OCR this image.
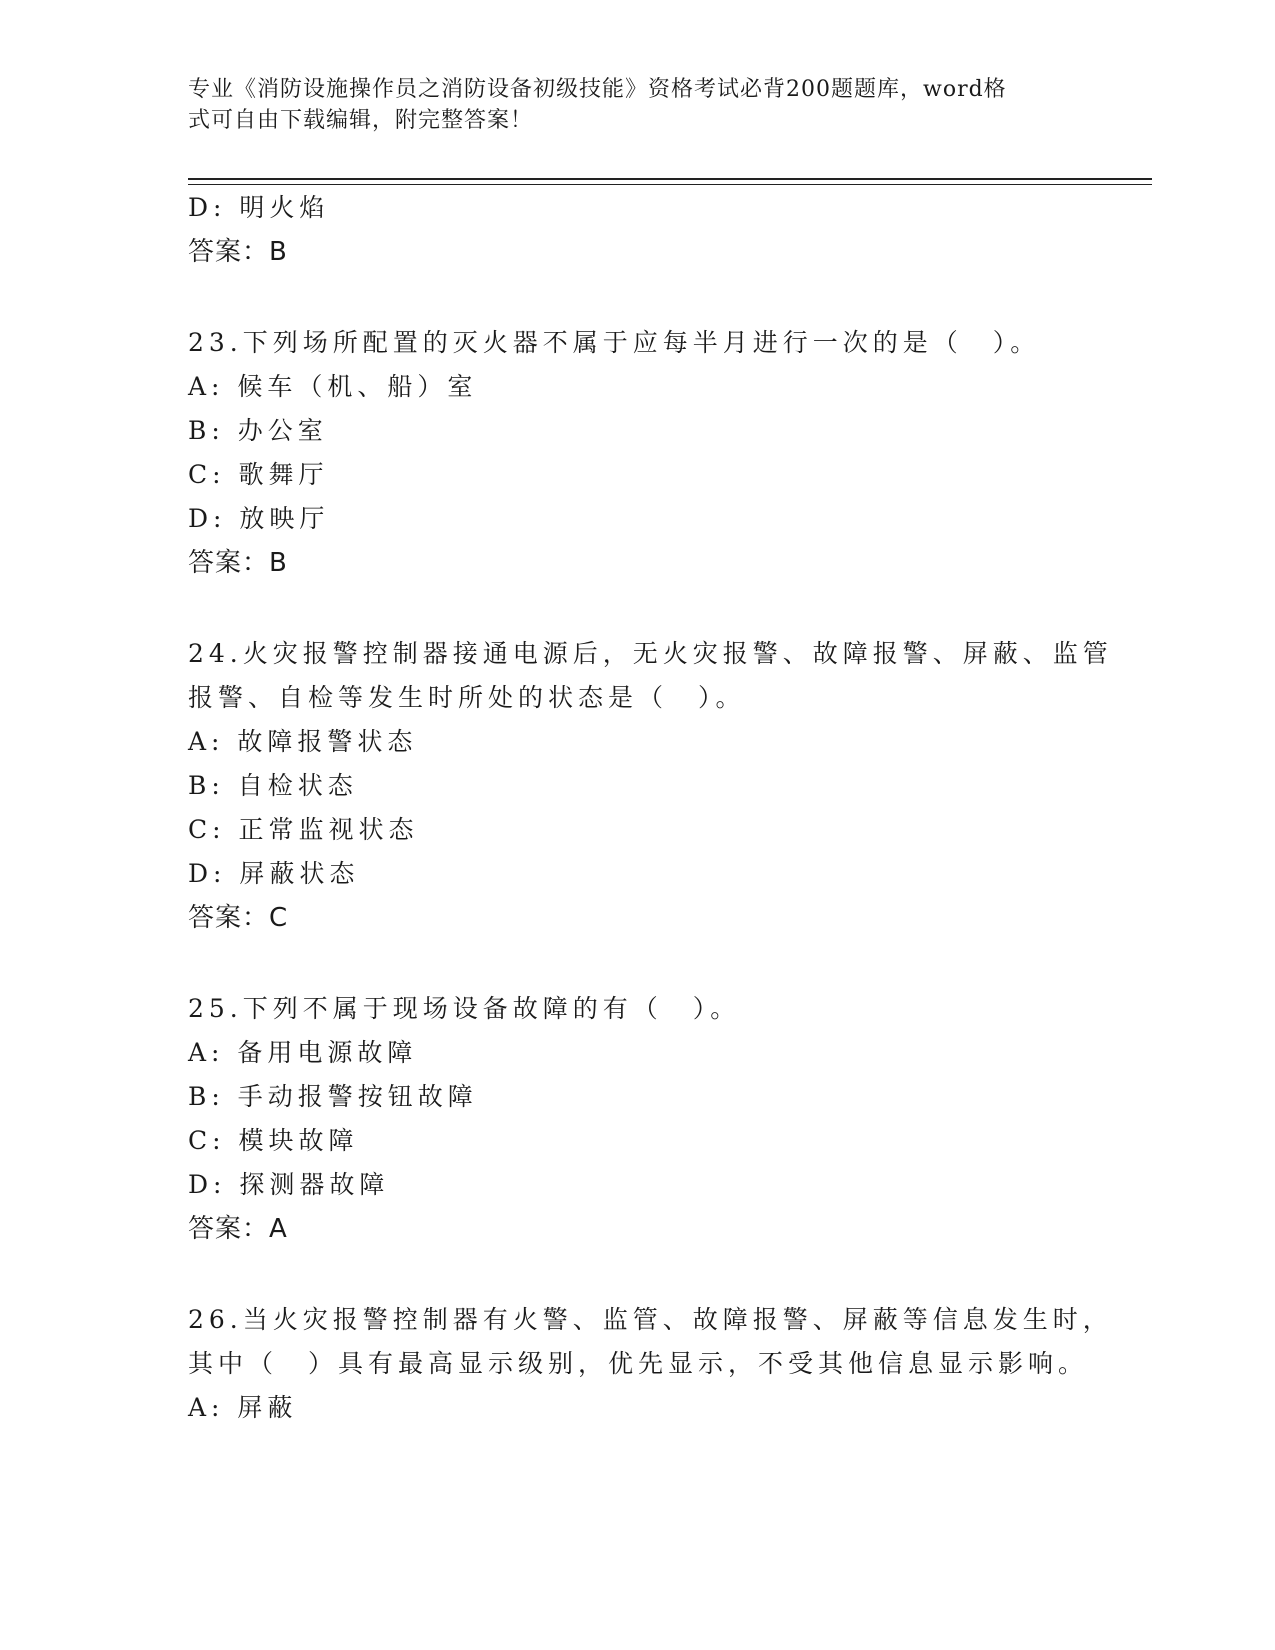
专业《消防设施操作员之消防设备初级技能》资格考试必背200题题库，word格
式可自由下载编辑，附完整答案！
D: 明火焰
答案：B
23.下列场所配置的灭火器不属于应每半月进行一次的是（　）。
A: 候车（机、船）室
B: 办公室
C: 歌舞厅
D: 放映厅
答案：B
24.火灾报警控制器接通电源后，无火灾报警、故障报警、屏蔽、监管
报警、自检等发生时所处的状态是（　）。
A: 故障报警状态
B: 自检状态
C: 正常监视状态
D: 屏蔽状态
答案：C
25.下列不属于现场设备故障的有（　）。
A: 备用电源故障
B: 手动报警按钮故障
C: 模块故障
D: 探测器故障
答案：A
26.当火灾报警控制器有火警、监管、故障报警、屏蔽等信息发生时，
其中（　）具有最高显示级别，优先显示，不受其他信息显示影响。
A: 屏蔽
